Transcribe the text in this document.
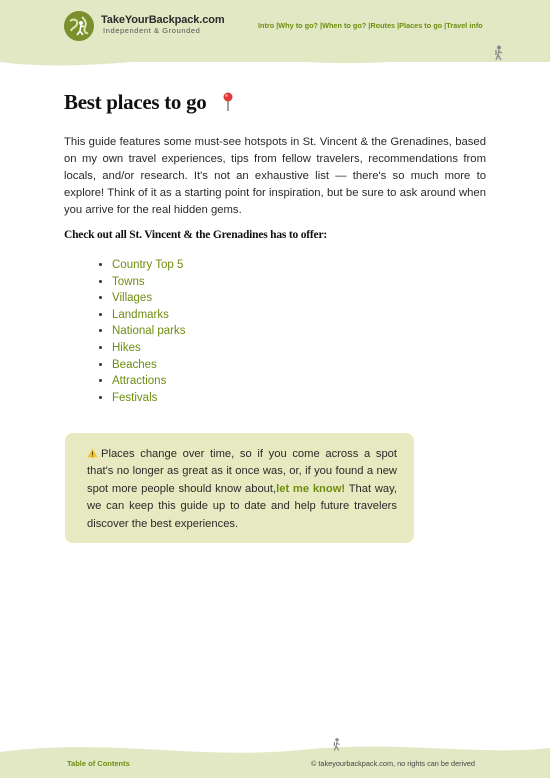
TakeYourBackpack.com
Independent & Grounded
Intro |Why to go? |When to go? |Routes |Places to go |Travel info
Best places to go

This guide features some must-see hotspots in St. Vincent & the Grenadines, based on my own travel experiences, tips from fellow travelers, recommendations from locals, and/or research. It's not an exhaustive list — there's so much more to explore! Think of it as a starting point for inspiration, but be sure to ask around when you arrive for the real hidden gems.

Check out all St. Vincent & the Grenadines has to offer:

• Country Top 5
• Towns
• Villages
• Landmarks
• National parks
• Hikes
• Beaches
• Attractions
• Festivals

Places change over time, so if you come across a spot that's no longer as great as it once was, or, if you found a new spot more people should know about,let me know! That way, we can keep this guide up to date and help future travelers discover the best experiences.

Table of Contents	© takeyourbackpack.com, no rights can be derived
